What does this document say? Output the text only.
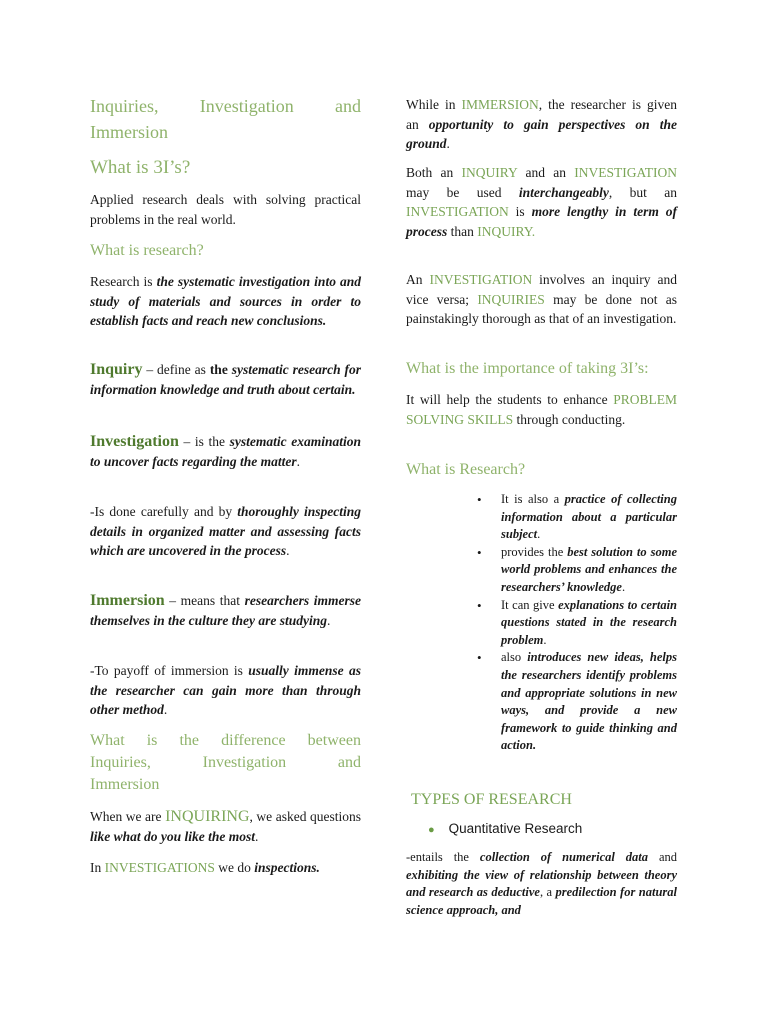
Inquiries, Investigation and
Immersion
What is 3I’s?

Applied research deals with solving practical problems in the real world.

What is research?

Research is the systematic investigation into and study of materials and sources in order to establish facts and reach new conclusions.

Inquiry – define as the systematic research for information knowledge and truth about certain.

Investigation – is the systematic examination to uncover facts regarding the matter.

-Is done carefully and by thoroughly inspecting details in organized matter and assessing facts which are uncovered in the process.

Immersion – means that researchers immerse themselves in the culture they are studying.

-To payoff of immersion is usually immense as the researcher can gain more than through other method.

What is the difference between
Inquiries,	Investigation	and
Immersion

When we are INQUIRING, we asked questions like what do you like the most.

In INVESTIGATIONS we do inspections.

While in IMMERSION, the researcher is given an opportunity to gain perspectives on the ground.

Both an INQUIRY and an INVESTIGATION may be used interchangeably, but an INVESTIGATION is more lengthy in term of process than INQUIRY.

An INVESTIGATION involves an inquiry and vice versa; INQUIRIES may be done not as painstakingly thorough as that of an investigation.

What is the importance of taking 3I’s:

It will help the students to enhance PROBLEM SOLVING SKILLS through conducting.

What is Research?
• It is also a practice of collecting information about a particular subject.
• provides the best solution to some world problems and enhances the researchers’ knowledge.
• It can give explanations to certain questions stated in the research problem.
• also introduces new ideas, helps the researchers identify problems and appropriate solutions in new ways, and provide a new framework to guide thinking and action.
TYPES OF RESEARCH
● Quantitative Research

-entails the collection of numerical data and exhibiting the view of relationship between theory and research as deductive, a predilection for natural science approach, and
